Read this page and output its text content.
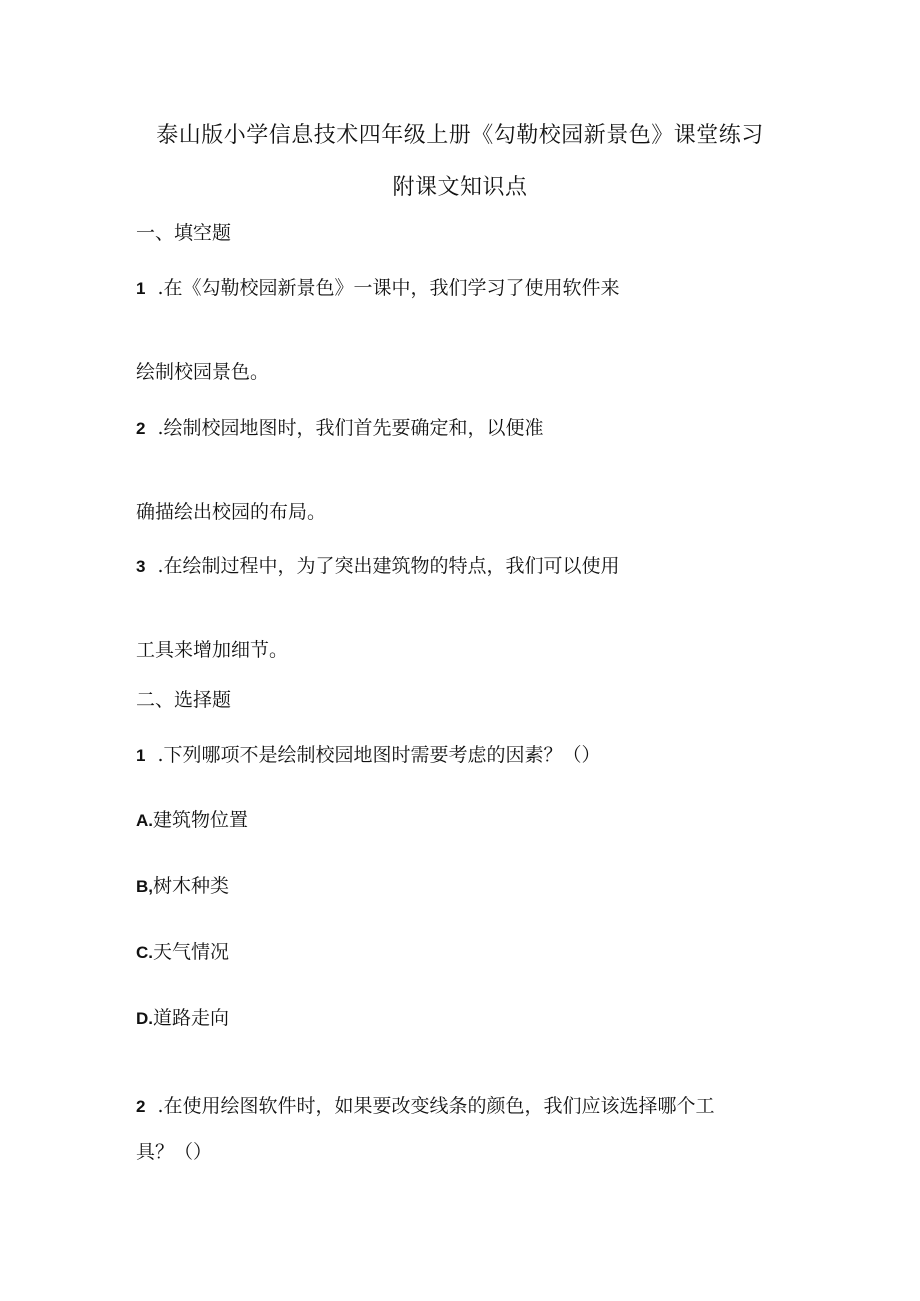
泰山版小学信息技术四年级上册《勾勒校园新景色》课堂练习
附课文知识点
一、填空题
1 .在《勾勒校园新景色》一课中，我们学习了使用软件来
绘制校园景色。
2 .绘制校园地图时，我们首先要确定和，以便准
确描绘出校园的布局。
3 .在绘制过程中，为了突出建筑物的特点，我们可以使用
工具来增加细节。
二、选择题
1 .下列哪项不是绘制校园地图时需要考虑的因素？（）
A.建筑物位置
B,树木种类
C.天气情况
D.道路走向
2 .在使用绘图软件时，如果要改变线条的颜色，我们应该选择哪个工
具？（）
